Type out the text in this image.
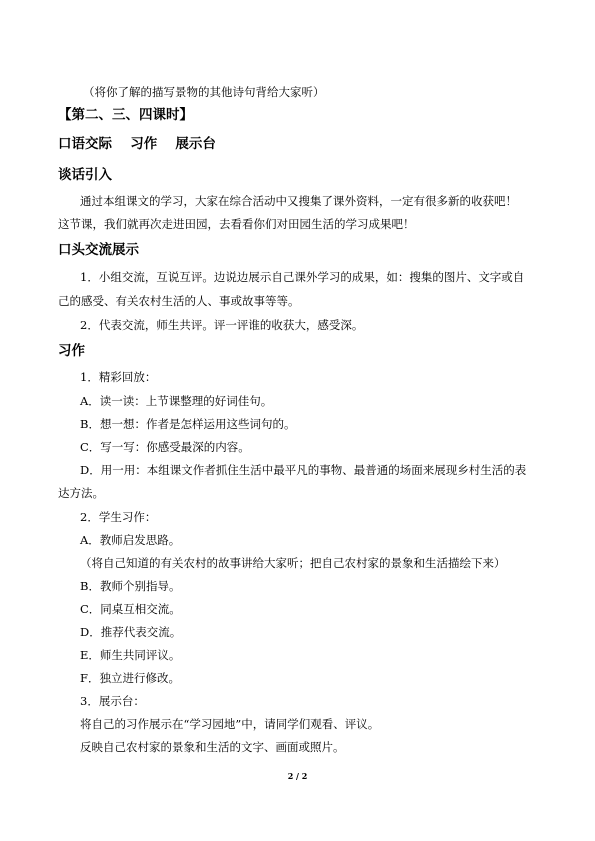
（将你了解的描写景物的其他诗句背给大家听）
【第二、三、四课时】
口语交际　 习作　 展示台
谈话引入
通过本组课文的学习，大家在综合活动中又搜集了课外资料，一定有很多新的收获吧！
这节课，我们就再次走进田园，去看看你们对田园生活的学习成果吧！
口头交流展示
1．小组交流，互说互评。边说边展示自己课外学习的成果，如：搜集的图片、文字或自
己的感受、有关农村生活的人、事或故事等等。
2．代表交流，师生共评。评一评谁的收获大，感受深。
习作
1．精彩回放：
A．读一读：上节课整理的好词佳句。
B．想一想：作者是怎样运用这些词句的。
C．写一写：你感受最深的内容。
D．用一用：本组课文作者抓住生活中最平凡的事物、最普通的场面来展现乡村生活的表
达方法。
2．学生习作：
A．教师启发思路。
（将自己知道的有关农村的故事讲给大家听；把自己农村家的景象和生活描绘下来）
B．教师个别指导。
C．同桌互相交流。
D．推荐代表交流。
E．师生共同评议。
F．独立进行修改。
3．展示台：
将自己的习作展示在“学习园地”中，请同学们观看、评议。
反映自己农村家的景象和生活的文字、画面或照片。
2 / 2
